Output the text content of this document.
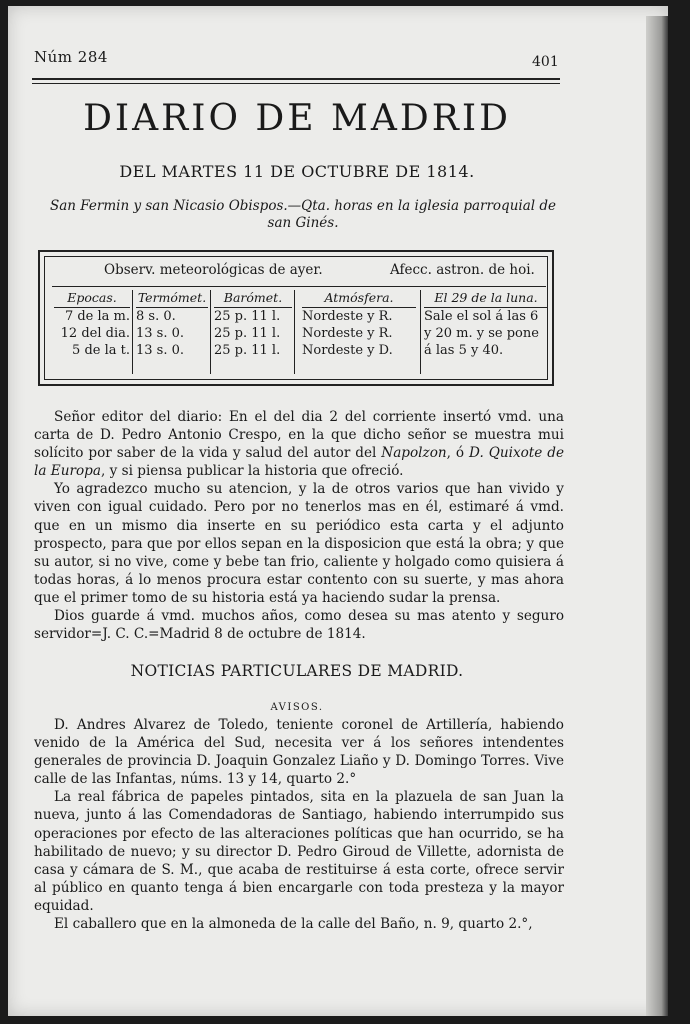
Núm 284	401
DIARIO DE MADRID
DEL MARTES 11 DE OCTUBRE DE 1814.
San Fermin y san Nicasio Obispos.—Qta. horas en la iglesia parroquial de san Ginés.
Observ. meteorológicas de ayer.	Afecc. astron. de hoi.
Epocas.
7 de la m.
12 del dia.
5 de la t.
Termómet.
8 s. 0.
13 s. 0.
13 s. 0.
Barómet.
25 p. 11 l.
25 p. 11 l.
25 p. 11 l.
Atmósfera.
Nordeste y R.
Nordeste y R.
Nordeste y D.
El 29 de la luna.
Sale el sol á las 6
y 20 m. y se pone
á las 5 y 40.

Señor editor del diario: En el del dia 2 del corriente insertó vmd. una carta de D. Pedro Antonio Crespo, en la que dicho señor se muestra mui solícito por saber de la vida y salud del autor del Napolzon, ó D. Quixote de la Europa, y si piensa publicar la historia que ofreció.

Yo agradezco mucho su atencion, y la de otros varios que han vivido y viven con igual cuidado. Pero por no tenerlos mas en él, estimaré á vmd. que en un mismo dia inserte en su periódico esta carta y el adjunto prospecto, para que por ellos sepan en la disposicion que está la obra; y que su autor, si no vive, come y bebe tan frio, caliente y holgado como quisiera á todas horas, á lo menos procura estar contento con su suerte, y mas ahora que el primer tomo de su historia está ya haciendo sudar la prensa.

Dios guarde á vmd. muchos años, como desea su mas atento y seguro servidor=J. C. C.=Madrid 8 de octubre de 1814.

NOTICIAS PARTICULARES DE MADRID.
AVISOS.

D. Andres Alvarez de Toledo, teniente coronel de Artillería, habiendo venido de la América del Sud, necesita ver á los señores intendentes generales de provincia D. Joaquin Gonzalez Liaño y D. Domingo Torres. Vive calle de las Infantas, núms. 13 y 14, quarto 2.°

La real fábrica de papeles pintados, sita en la plazuela de san Juan la nueva, junto á las Comendadoras de Santiago, habiendo interrumpido sus operaciones por efecto de las alteraciones políticas que han ocurrido, se ha habilitado de nuevo; y su director D. Pedro Giroud de Villette, adornista de casa y cámara de S. M., que acaba de restituirse á esta corte, ofrece servir al público en quanto tenga á bien encargarle con toda presteza y la mayor equidad.

El caballero que en la almoneda de la calle del Baño, n. 9, quarto 2.°,
